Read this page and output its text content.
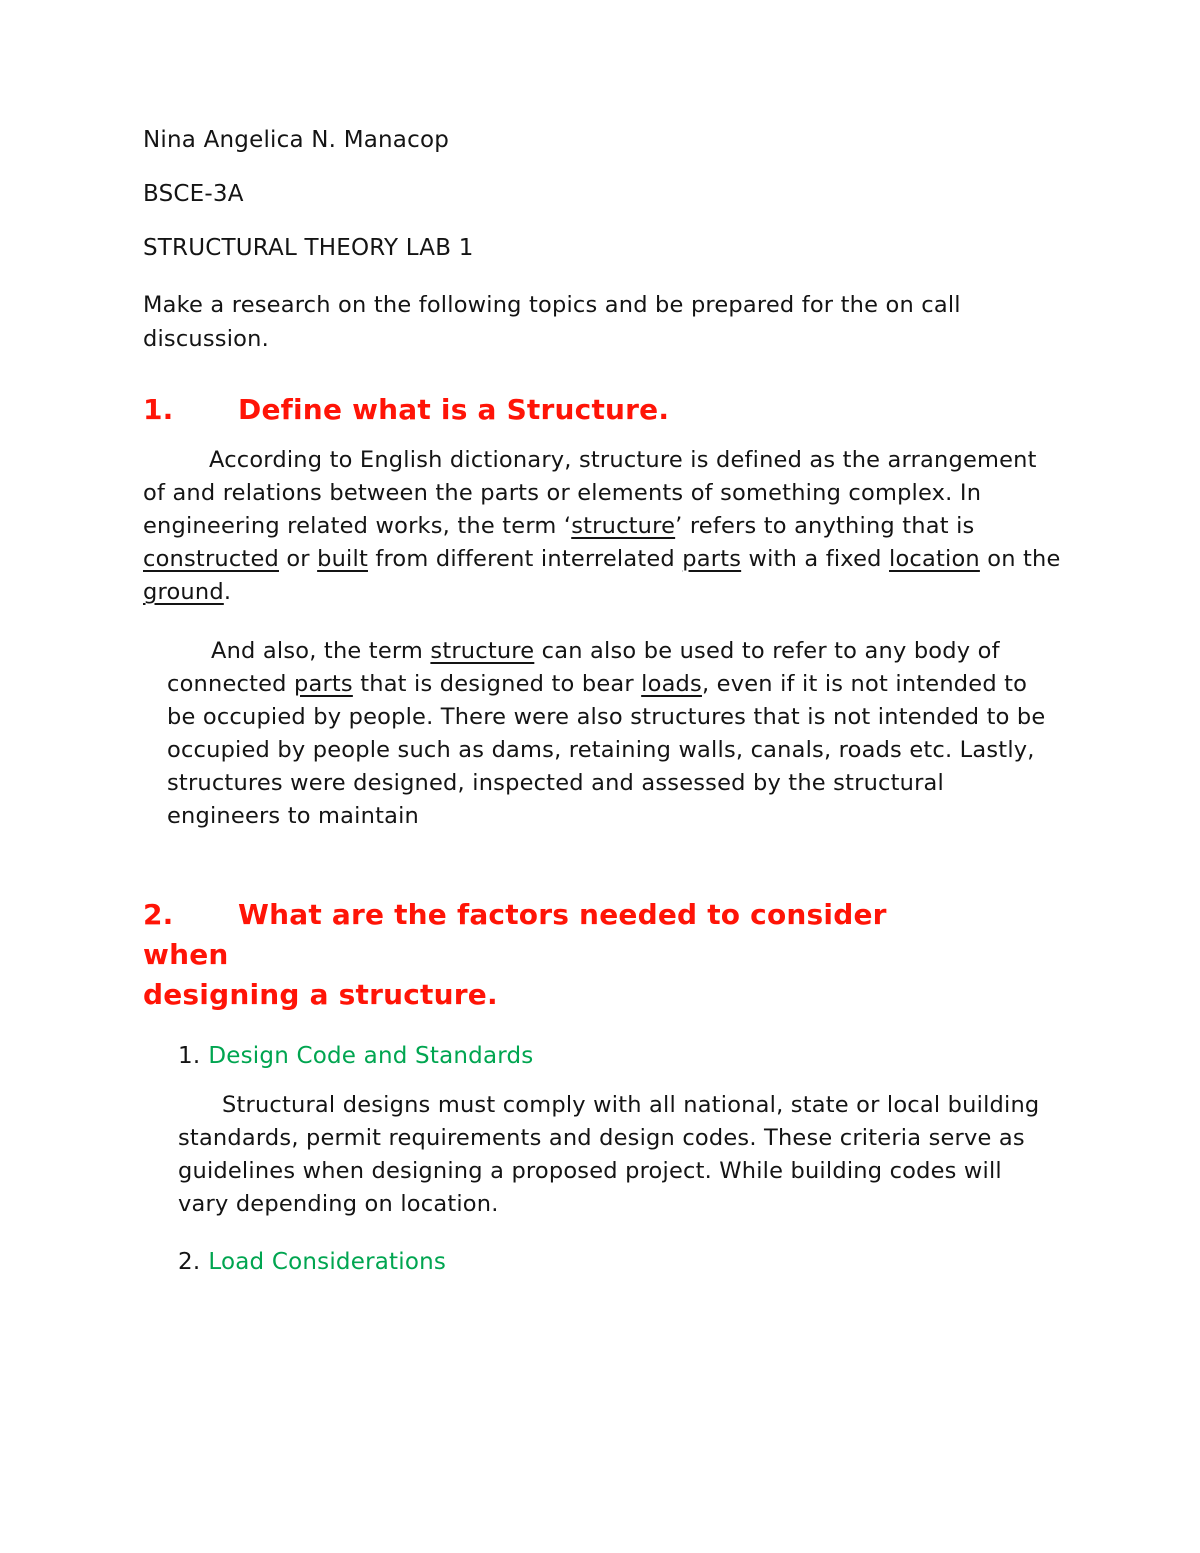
Nina Angelica N. Manacop

BSCE-3A

STRUCTURAL THEORY LAB 1

Make a research on the following topics and be prepared for the on call discussion.

1. Define what is a Structure.

According to English dictionary, structure is defined as the arrangement of and relations between the parts or elements of something complex. In engineering related works, the term ‘structure’ refers to anything that is constructed or built from different interrelated parts with a fixed location on the ground.

And also, the term structure can also be used to refer to any body of connected parts that is designed to bear loads, even if it is not intended to be occupied by people. There were also structures that is not intended to be occupied by people such as dams, retaining walls, canals, roads etc. Lastly, structures were designed, inspected and assessed by the structural engineers to maintain

2. What are the factors needed to consider
when
designing a structure.

1. Design Code and Standards

Structural designs must comply with all national, state or local building standards, permit requirements and design codes. These criteria serve as guidelines when designing a proposed project. While building codes will vary depending on location.

2. Load Considerations
